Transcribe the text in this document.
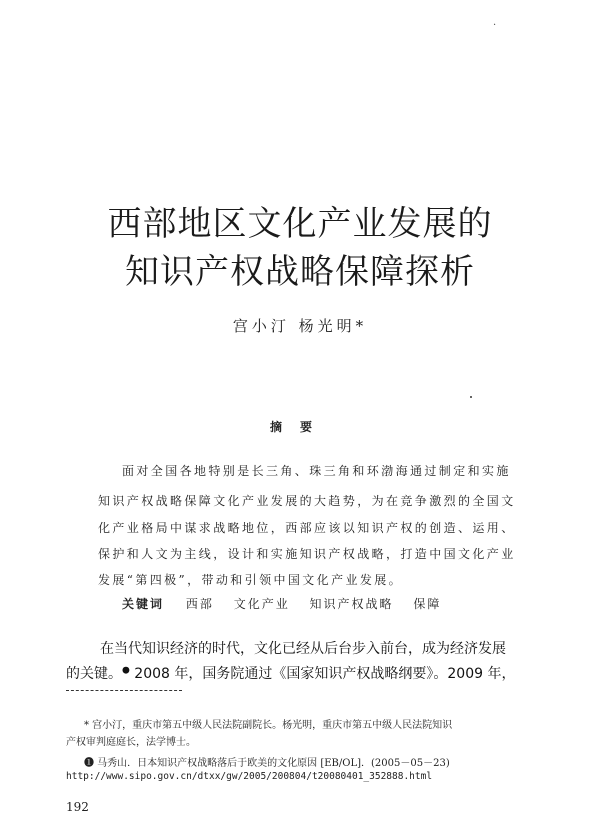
·
西部地区文化产业发展的
知识产权战略保障探析
宫小汀 杨光明*
摘要
面对全国各地特别是长三角、珠三角和环渤海通过制定和实施
知识产权战略保障文化产业发展的大趋势，为在竞争激烈的全国文
化产业格局中谋求战略地位，西部应该以知识产权的创造、运用、
保护和人文为主线，设计和实施知识产权战略，打造中国文化产业
发展“第四极”，带动和引领中国文化产业发展。
关键词 西部 文化产业 知识产权战略 保障
在当代知识经济的时代，文化已经从后台步入前台，成为经济发展
的关键。● 2008 年，国务院通过《国家知识产权战略纲要》。2009 年，
* 宫小汀，重庆市第五中级人民法院副院长。杨光明，重庆市第五中级人民法院知识
产权审判庭庭长，法学博士。
❶ 马秀山．日本知识产权战略落后于欧美的文化原因 [EB/OL]．(2005－05－23)
http://www.sipo.gov.cn/dtxx/gw/2005/200804/t20080401_352888.html
192
